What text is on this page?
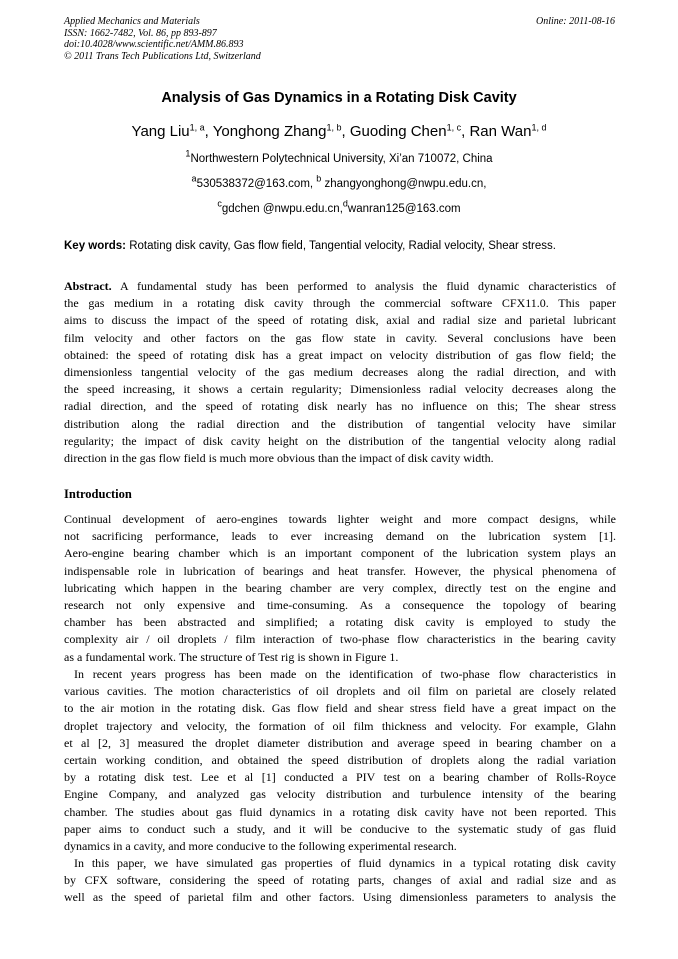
Applied Mechanics and Materials
ISSN: 1662-7482, Vol. 86, pp 893-897
doi:10.4028/www.scientific.net/AMM.86.893
© 2011 Trans Tech Publications Ltd, Switzerland
Online: 2011-08-16
Analysis of Gas Dynamics in a Rotating Disk Cavity
Yang Liu$^{1, a}$, Yonghong Zhang$^{1, b}$, Guoding Chen$^{1, c}$, Ran Wan$^{1, d}$
$^1$Northwestern Polytechnical University, Xi’an 710072, China
$^a$530538372@163.com, $^b$ zhangyonghong@nwpu.edu.cn,
$^c$gdchen @nwpu.edu.cn,$^d$wanran125@163.com
Key words: Rotating disk cavity, Gas flow field, Tangential velocity, Radial velocity, Shear stress.
Abstract. A fundamental study has been performed to analysis the fluid dynamic characteristics of
the gas medium in a rotating disk cavity through the commercial software CFX11.0. This paper
aims to discuss the impact of the speed of rotating disk, axial and radial size and parietal lubricant
film velocity and other factors on the gas flow state in cavity. Several conclusions have been
obtained: the speed of rotating disk has a great impact on velocity distribution of gas flow field; the
dimensionless tangential velocity of the gas medium decreases along the radial direction, and with
the speed increasing, it shows a certain regularity; Dimensionless radial velocity decreases along the
radial direction, and the speed of rotating disk nearly has no influence on this; The shear stress
distribution along the radial direction and the distribution of tangential velocity have similar
regularity; the impact of disk cavity height on the distribution of the tangential velocity along radial
direction in the gas flow field is much more obvious than the impact of disk cavity width.
Introduction
Continual development of aero-engines towards lighter weight and more compact designs, while
not sacrificing performance, leads to ever increasing demand on the lubrication system [1].
Aero-engine bearing chamber which is an important component of the lubrication system plays an
indispensable role in lubrication of bearings and heat transfer. However, the physical phenomena of
lubricating which happen in the bearing chamber are very complex, directly test on the engine and
research not only expensive and time-consuming. As a consequence the topology of bearing
chamber has been abstracted and simplified; a rotating disk cavity is employed to study the
complexity air / oil droplets / film interaction of two-phase flow characteristics in the bearing cavity
as a fundamental work. The structure of Test rig is shown in Figure 1.
In recent years progress has been made on the identification of two-phase flow characteristics in
various cavities. The motion characteristics of oil droplets and oil film on parietal are closely related
to the air motion in the rotating disk. Gas flow field and shear stress field have a great impact on the
droplet trajectory and velocity, the formation of oil film thickness and velocity. For example, Glahn
et al [2, 3] measured the droplet diameter distribution and average speed in bearing chamber on a
certain working condition, and obtained the speed distribution of droplets along the radial variation
by a rotating disk test. Lee et al [1] conducted a PIV test on a bearing chamber of Rolls-Royce
Engine Company, and analyzed gas velocity distribution and turbulence intensity of the bearing
chamber. The studies about gas fluid dynamics in a rotating disk cavity have not been reported. This
paper aims to conduct such a study, and it will be conducive to the systematic study of gas fluid
dynamics in a cavity, and more conducive to the following experimental research.
In this paper, we have simulated gas properties of fluid dynamics in a typical rotating disk cavity
by CFX software, considering the speed of rotating parts, changes of axial and radial size and as
well as the speed of parietal film and other factors. Using dimensionless parameters to analysis the
